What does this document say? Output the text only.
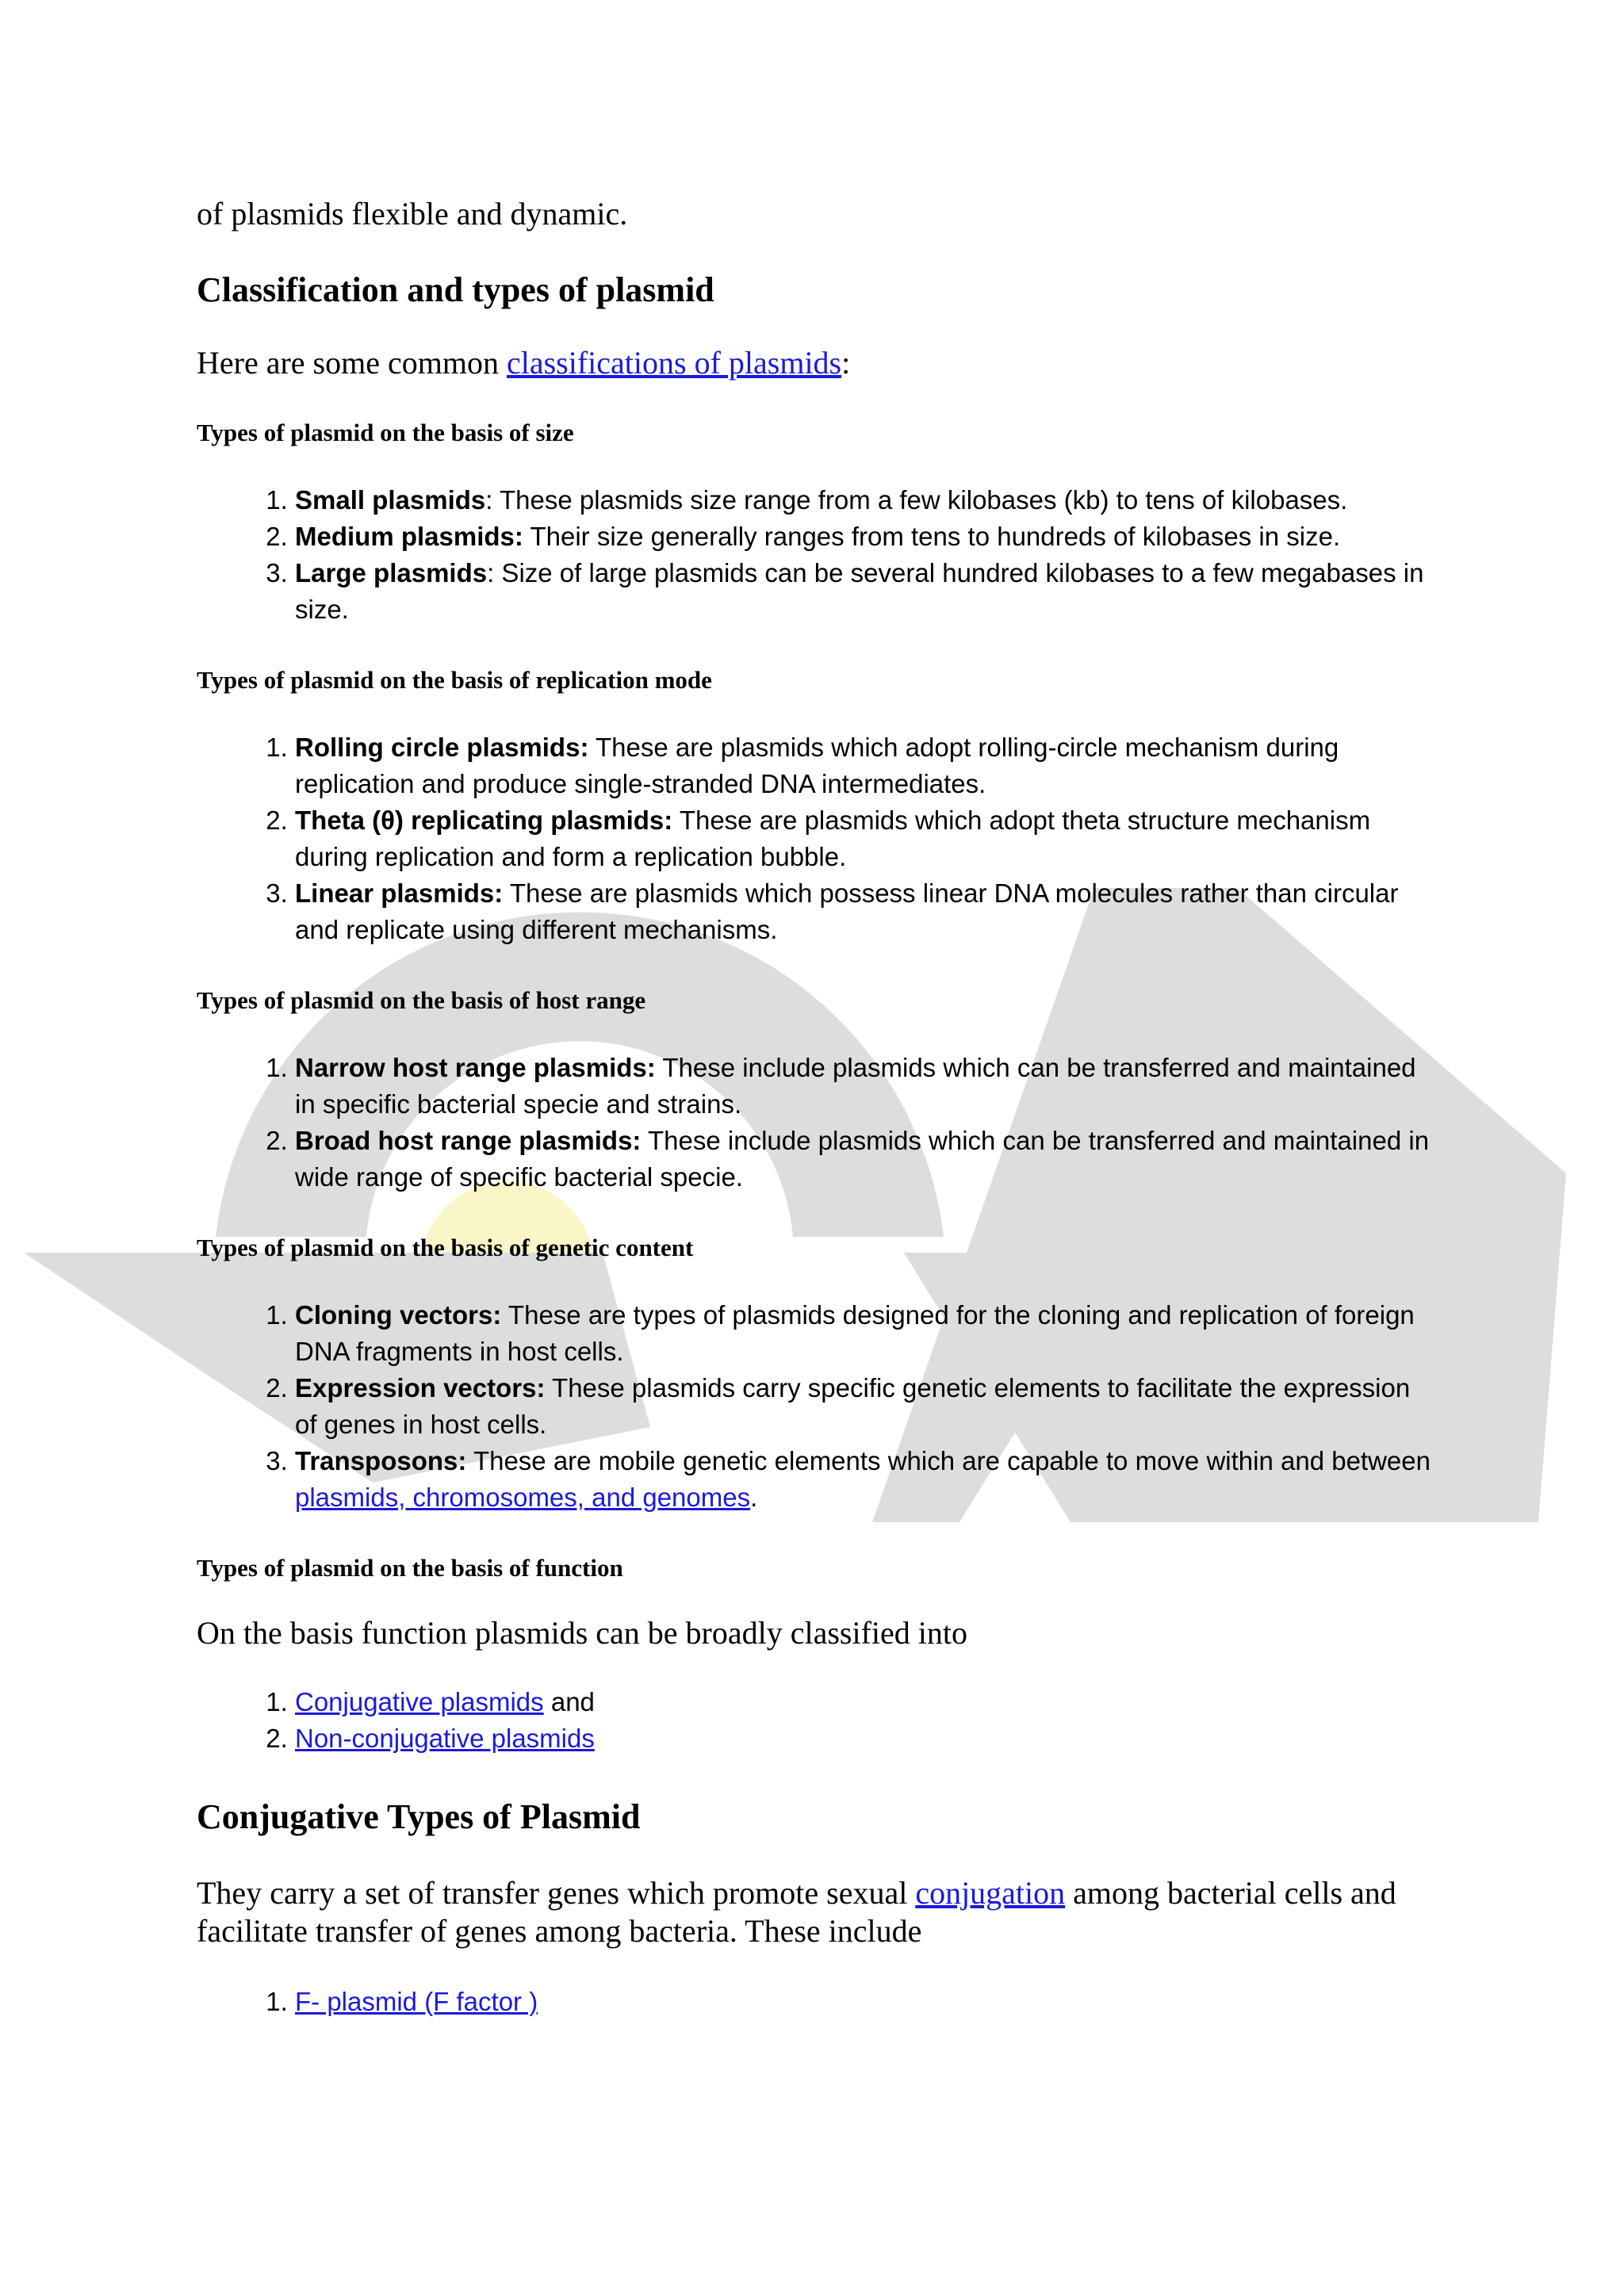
of plasmids flexible and dynamic.

Classification and types of plasmid

Here are some common classifications of plasmids:

Types of plasmid on the basis of size
1. Small plasmids: These plasmids size range from a few kilobases (kb) to tens of kilobases.
2. Medium plasmids: Their size generally ranges from tens to hundreds of kilobases in size.
3. Large plasmids: Size of large plasmids can be several hundred kilobases to a few megabases in size.
Types of plasmid on the basis of replication mode
1. Rolling circle plasmids: These are plasmids which adopt rolling-circle mechanism during replication and produce single-stranded DNA intermediates.
2. Theta (θ) replicating plasmids: These are plasmids which adopt theta structure mechanism during replication and form a replication bubble.
3. Linear plasmids: These are plasmids which possess linear DNA molecules rather than circular and replicate using different mechanisms.
Types of plasmid on the basis of host range
1. Narrow host range plasmids: These include plasmids which can be transferred and maintained in specific bacterial specie and strains.
2. Broad host range plasmids: These include plasmids which can be transferred and maintained in wide range of specific bacterial specie.
Types of plasmid on the basis of genetic content
1. Cloning vectors: These are types of plasmids designed for the cloning and replication of foreign DNA fragments in host cells.
2. Expression vectors: These plasmids carry specific genetic elements to facilitate the expression of genes in host cells.
3. Transposons: These are mobile genetic elements which are capable to move within and between plasmids, chromosomes, and genomes.
Types of plasmid on the basis of function

On the basis function plasmids can be broadly classified into

1. Conjugative plasmids and
2. Non-conjugative plasmids
Conjugative Types of Plasmid

They carry a set of transfer genes which promote sexual conjugation among bacterial cells and facilitate transfer of genes among bacteria. These include

1. F- plasmid (F factor )
